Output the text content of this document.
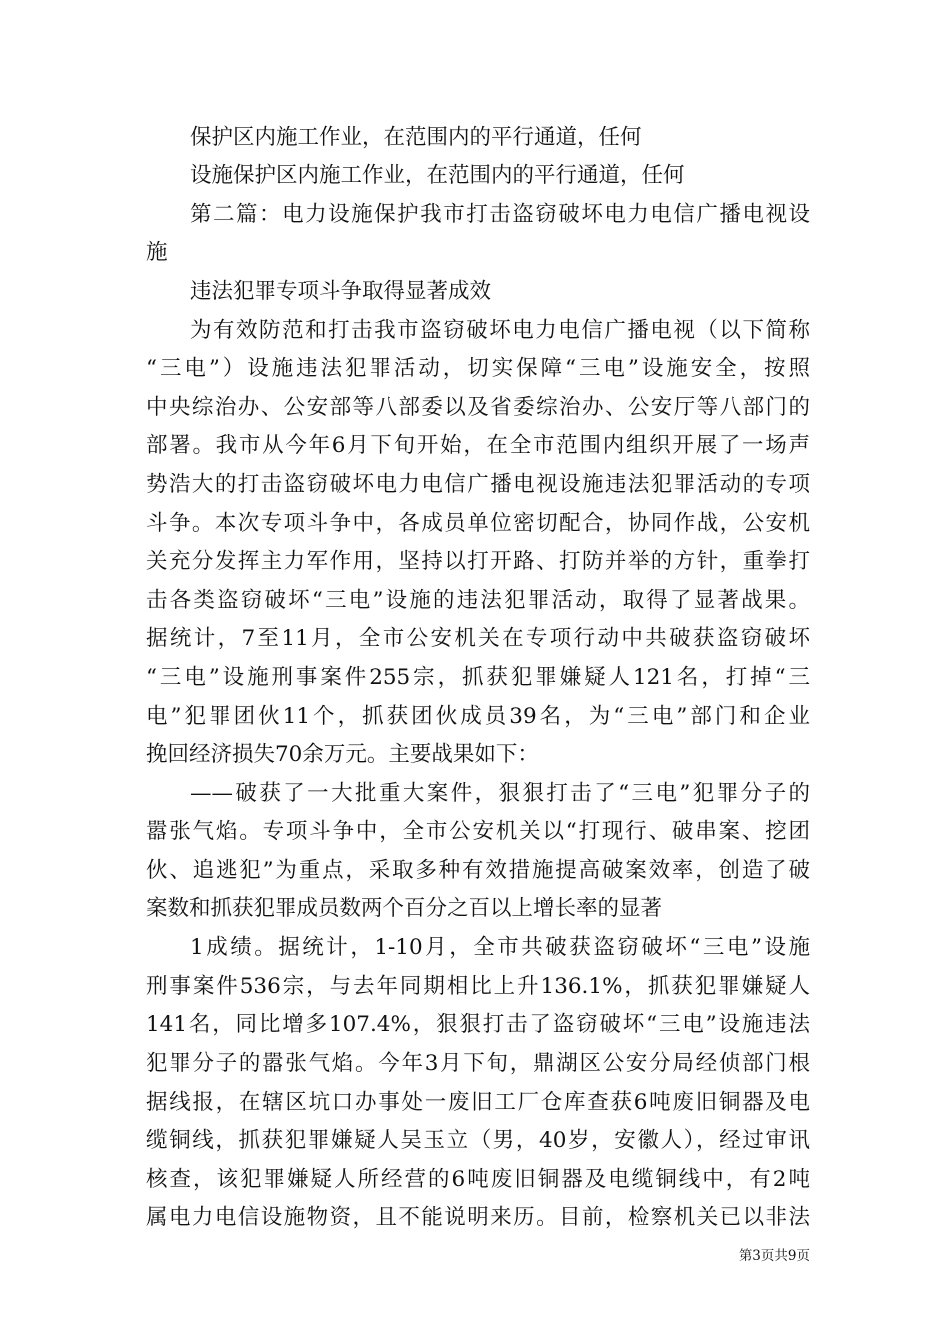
保护区内施工作业，在范围内的平行通道，任何
设施保护区内施工作业，在范围内的平行通道，任何
第二篇：电力设施保护我市打击盗窃破坏电力电信广播电视设
施
违法犯罪专项斗争取得显著成效
为有效防范和打击我市盗窃破坏电力电信广播电视（以下简称
“三电”）设施违法犯罪活动，切实保障“三电”设施安全，按照
中央综治办、公安部等八部委以及省委综治办、公安厅等八部门的
部署。我市从今年6月下旬开始，在全市范围内组织开展了一场声
势浩大的打击盗窃破坏电力电信广播电视设施违法犯罪活动的专项
斗争。本次专项斗争中，各成员单位密切配合，协同作战，公安机
关充分发挥主力军作用，坚持以打开路、打防并举的方针，重拳打
击各类盗窃破坏“三电”设施的违法犯罪活动，取得了显著战果。
据统计，7至11月，全市公安机关在专项行动中共破获盗窃破坏
“三电”设施刑事案件255宗，抓获犯罪嫌疑人121名，打掉“三
电”犯罪团伙11个，抓获团伙成员39名，为“三电”部门和企业
挽回经济损失70余万元。主要战果如下：
——破获了一大批重大案件，狠狠打击了“三电”犯罪分子的
嚣张气焰。专项斗争中，全市公安机关以“打现行、破串案、挖团
伙、追逃犯”为重点，采取多种有效措施提高破案效率，创造了破
案数和抓获犯罪成员数两个百分之百以上增长率的显著
1成绩。据统计，1-10月，全市共破获盗窃破坏“三电”设施
刑事案件536宗，与去年同期相比上升136.1%，抓获犯罪嫌疑人
141名，同比增多107.4%，狠狠打击了盗窃破坏“三电”设施违法
犯罪分子的嚣张气焰。今年3月下旬，鼎湖区公安分局经侦部门根
据线报，在辖区坑口办事处一废旧工厂仓库查获6吨废旧铜器及电
缆铜线，抓获犯罪嫌疑人吴玉立（男，40岁，安徽人），经过审讯
核查，该犯罪嫌疑人所经营的6吨废旧铜器及电缆铜线中，有2吨
属电力电信设施物资，且不能说明来历。目前，检察机关已以非法
第3页共9页
